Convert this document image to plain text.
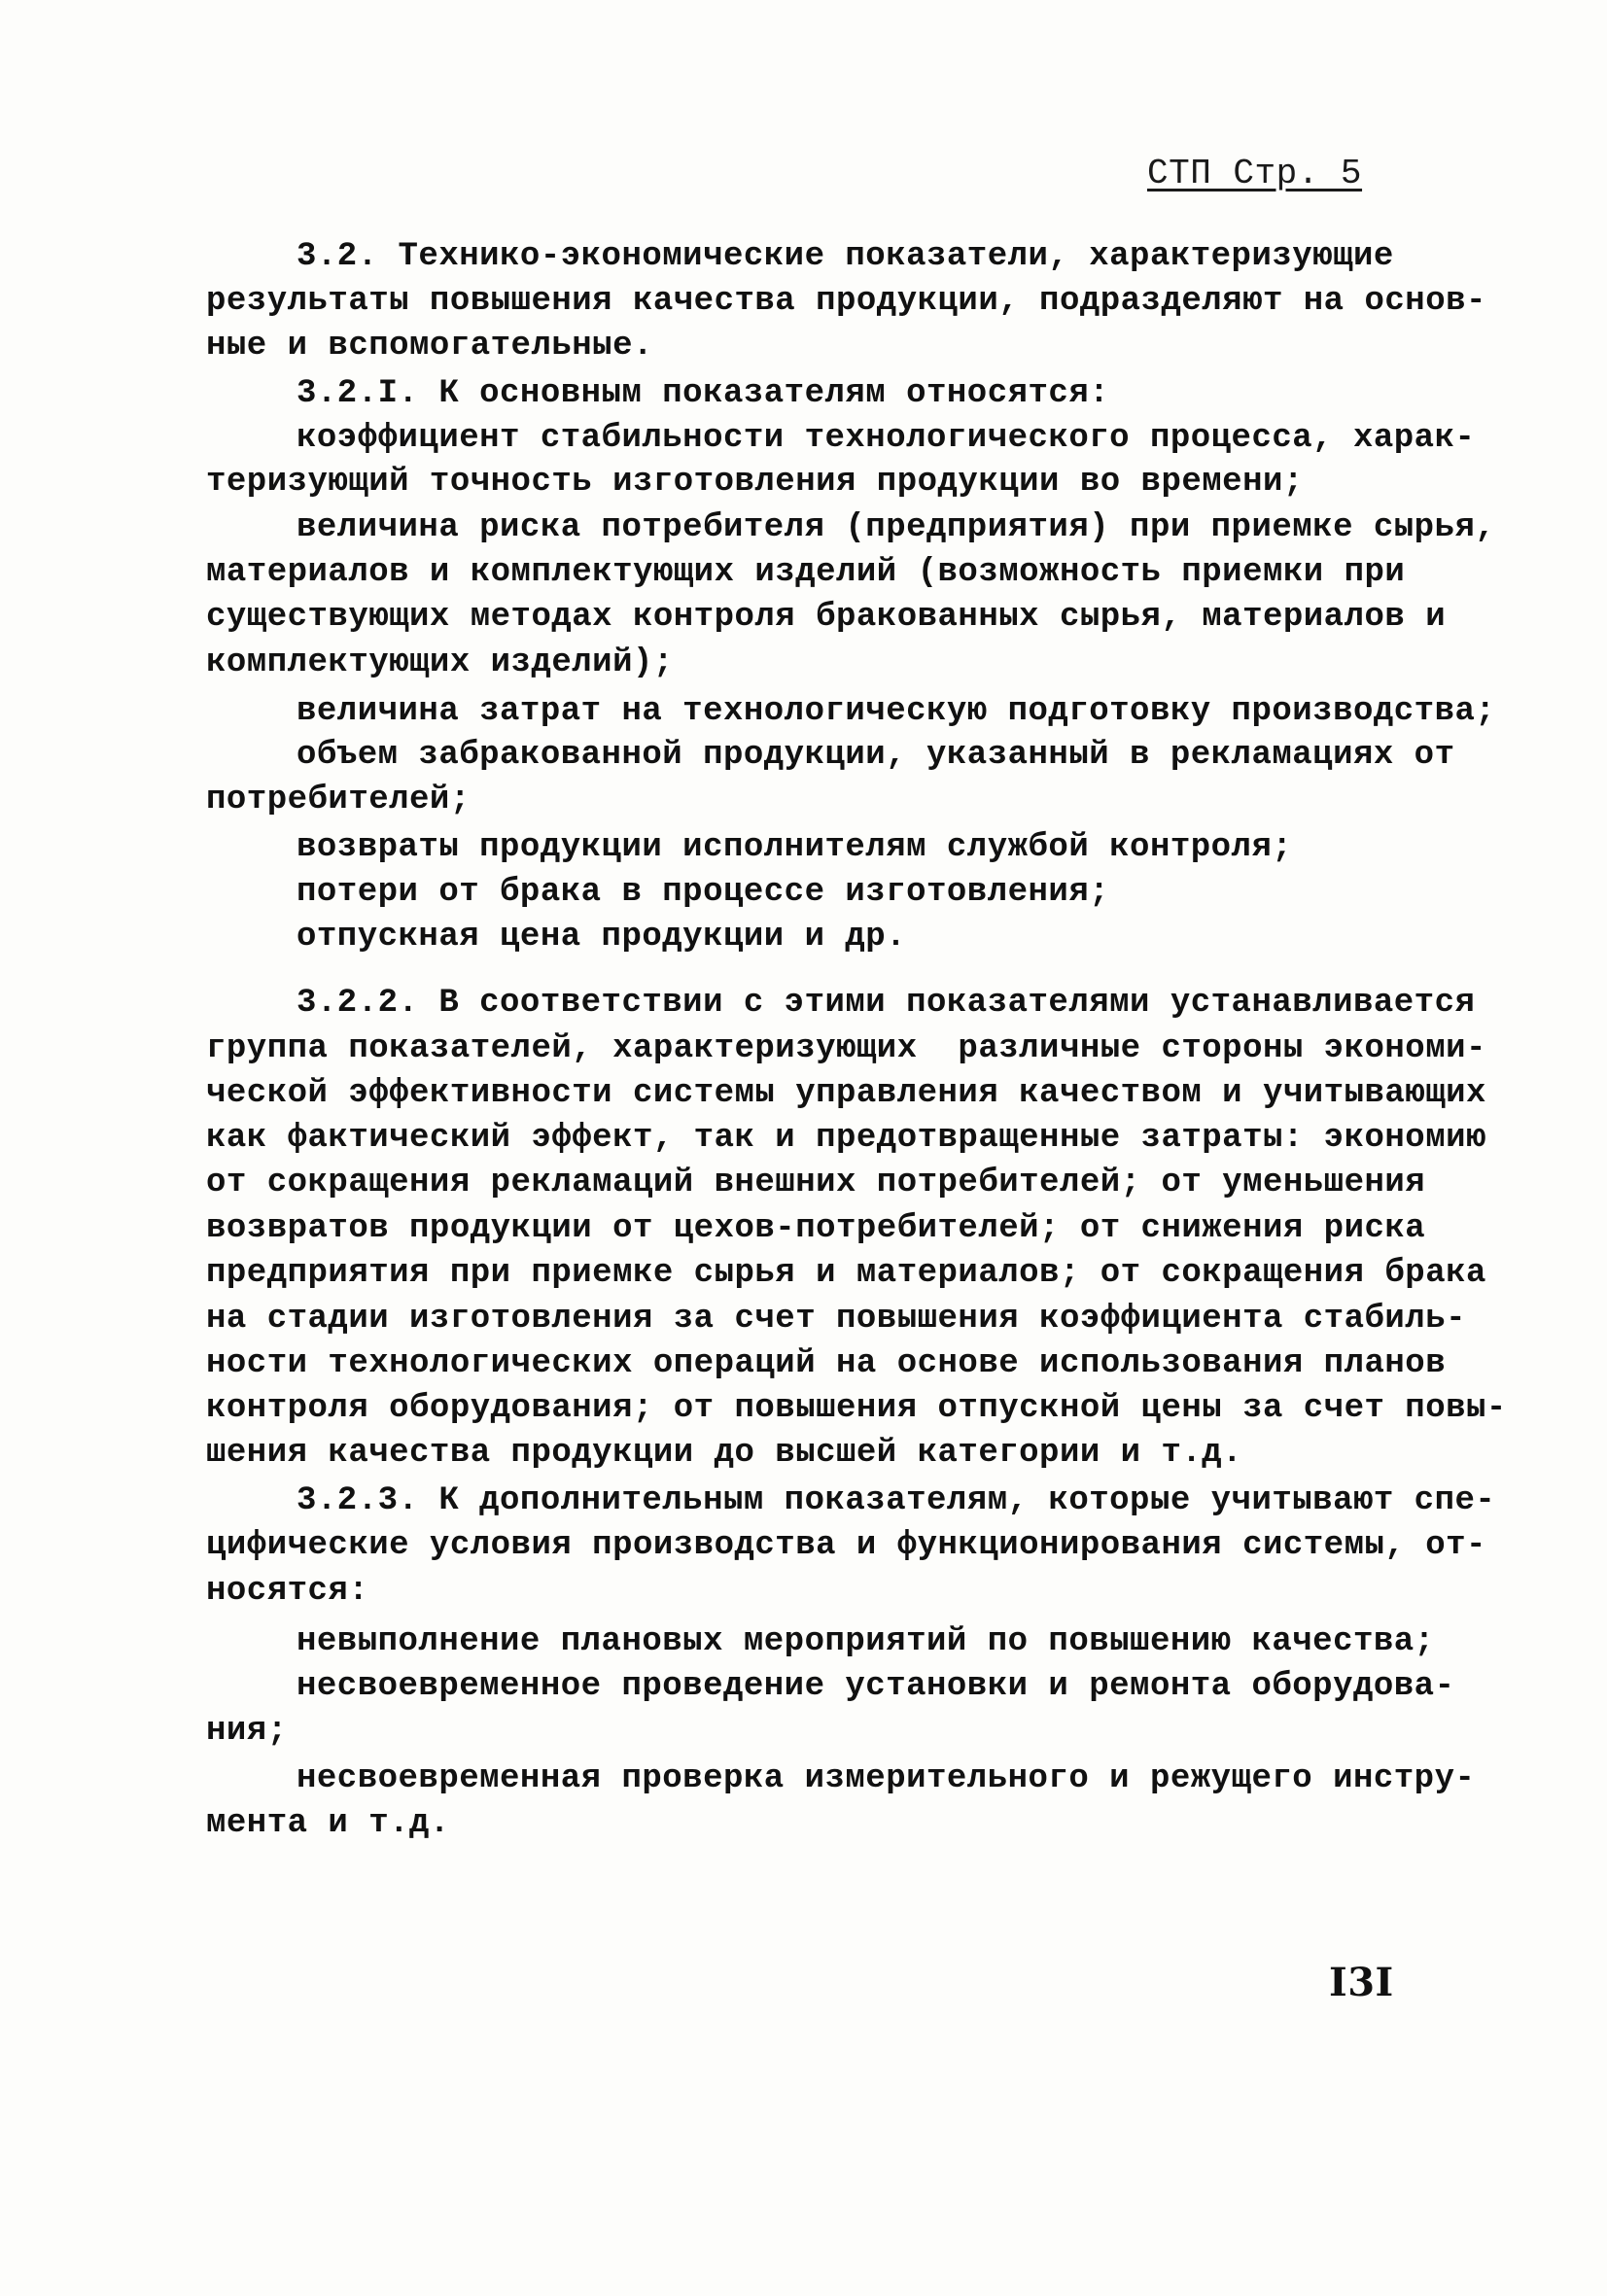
СТП Стр. 5
3.2. Технико-экономические показатели, характеризующие
результаты повышения качества продукции, подразделяют на основ-
ные и вспомогательные.
3.2.I. К основным показателям относятся:
коэффициент стабильности технологического процесса, харак-
теризующий точность изготовления продукции во времени;
величина риска потребителя (предприятия) при приемке сырья,
материалов и комплектующих изделий (возможность приемки при
существующих методах контроля бракованных сырья, материалов и
комплектующих изделий);
величина затрат на технологическую подготовку производства;
объем забракованной продукции, указанный в рекламациях от
потребителей;
возвраты продукции исполнителям службой контроля;
потери от брака в процессе изготовления;
отпускная цена продукции и др.
3.2.2. В соответствии с этими показателями устанавливается
группа показателей, характеризующих  различные стороны экономи-
ческой эффективности системы управления качеством и учитывающих
как фактический эффект, так и предотвращенные затраты: экономию
от сокращения рекламаций внешних потребителей; от уменьшения
возвратов продукции от цехов-потребителей; от снижения риска
предприятия при приемке сырья и материалов; от сокращения брака
на стадии изготовления за счет повышения коэффициента стабиль-
ности технологических операций на основе использования планов
контроля оборудования; от повышения отпускной цены за счет повы-
шения качества продукции до высшей категории и т.д.
3.2.3. К дополнительным показателям, которые учитывают спе-
цифические условия производства и функционирования системы, от-
носятся:
невыполнение плановых мероприятий по повышению качества;
несвоевременное проведение установки и ремонта оборудова-
ния;
несвоевременная проверка измерительного и режущего инстру-
мента и т.д.
I3I
